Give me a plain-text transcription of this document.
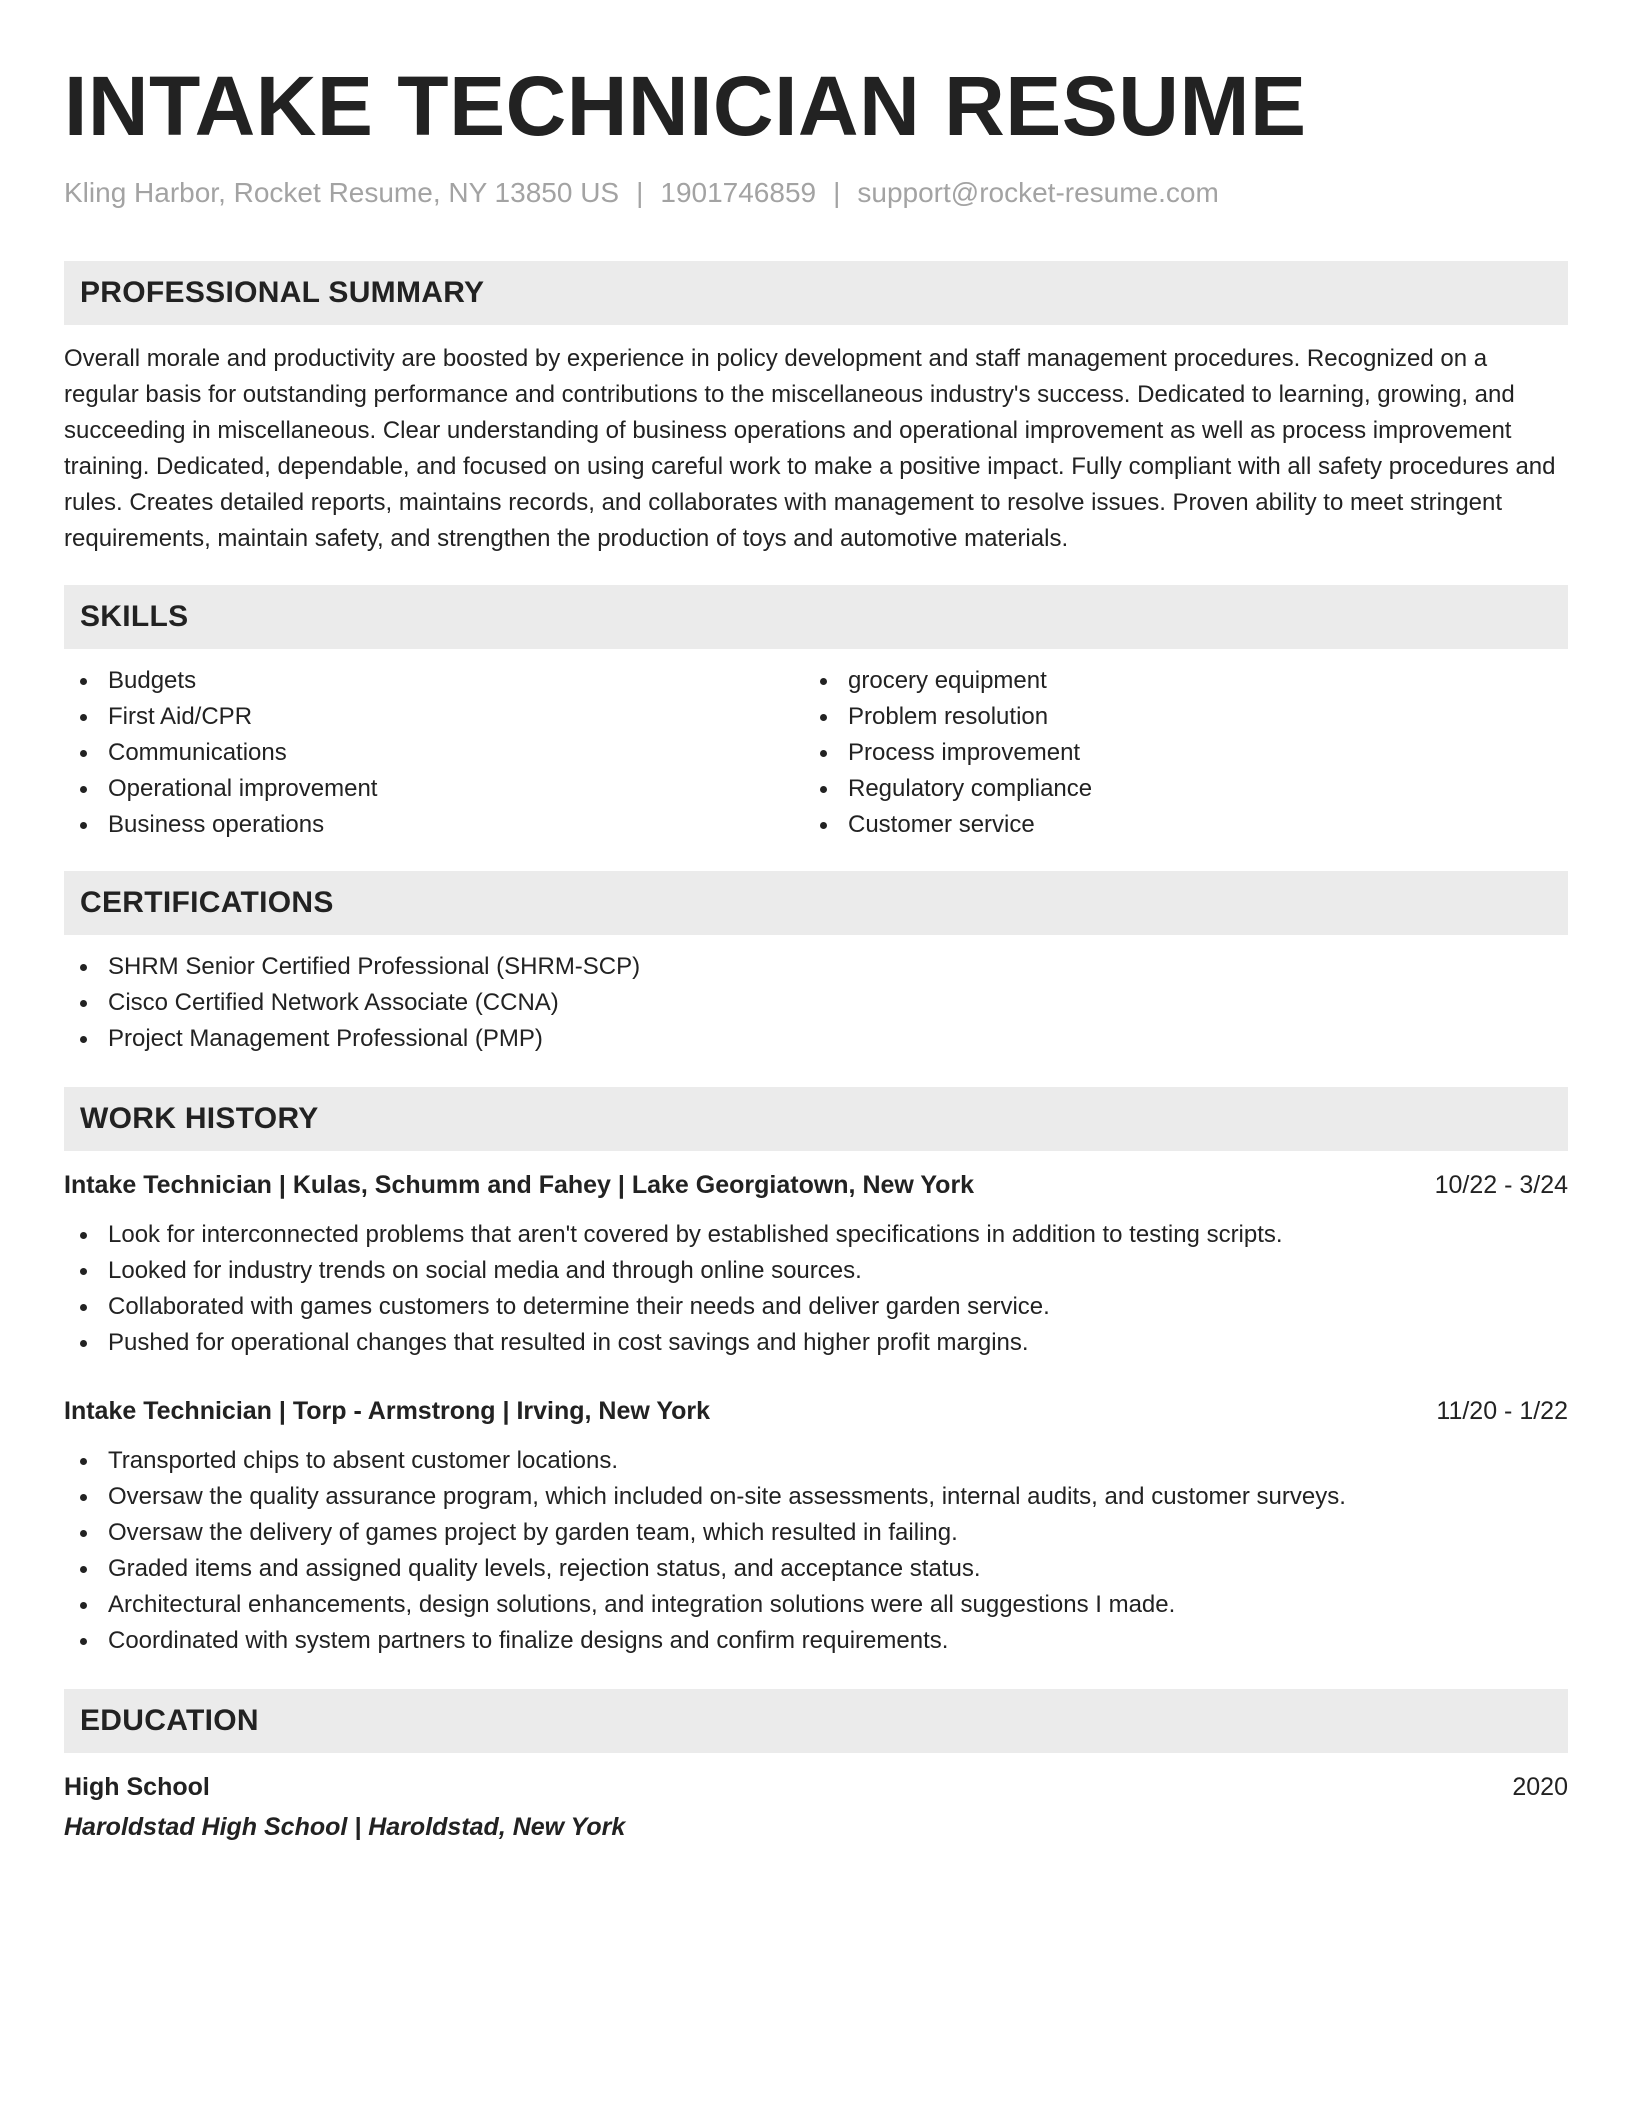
INTAKE TECHNICIAN RESUME
Kling Harbor, Rocket Resume, NY 13850 US | 1901746859 | support@rocket-resume.com
PROFESSIONAL SUMMARY

Overall morale and productivity are boosted by experience in policy development and staff management procedures. Recognized on a regular basis for outstanding performance and contributions to the miscellaneous industry's success. Dedicated to learning, growing, and succeeding in miscellaneous. Clear understanding of business operations and operational improvement as well as process improvement training. Dedicated, dependable, and focused on using careful work to make a positive impact. Fully compliant with all safety procedures and rules. Creates detailed reports, maintains records, and collaborates with management to resolve issues. Proven ability to meet stringent requirements, maintain safety, and strengthen the production of toys and automotive materials.

SKILLS
Budgets
First Aid/CPR
Communications
Operational improvement
Business operations
grocery equipment
Problem resolution
Process improvement
Regulatory compliance
Customer service
CERTIFICATIONS
SHRM Senior Certified Professional (SHRM-SCP)
Cisco Certified Network Associate (CCNA)
Project Management Professional (PMP)
WORK HISTORY
Intake Technician | Kulas, Schumm and Fahey | Lake Georgiatown, New York	10/22 - 3/24
Look for interconnected problems that aren't covered by established specifications in addition to testing scripts.
Looked for industry trends on social media and through online sources.
Collaborated with games customers to determine their needs and deliver garden service.
Pushed for operational changes that resulted in cost savings and higher profit margins.
Intake Technician | Torp - Armstrong | Irving, New York	11/20 - 1/22
Transported chips to absent customer locations.
Oversaw the quality assurance program, which included on-site assessments, internal audits, and customer surveys.
Oversaw the delivery of games project by garden team, which resulted in failing.
Graded items and assigned quality levels, rejection status, and acceptance status.
Architectural enhancements, design solutions, and integration solutions were all suggestions I made.
Coordinated with system partners to finalize designs and confirm requirements.
EDUCATION
High School	2020
Haroldstad High School | Haroldstad, New York
